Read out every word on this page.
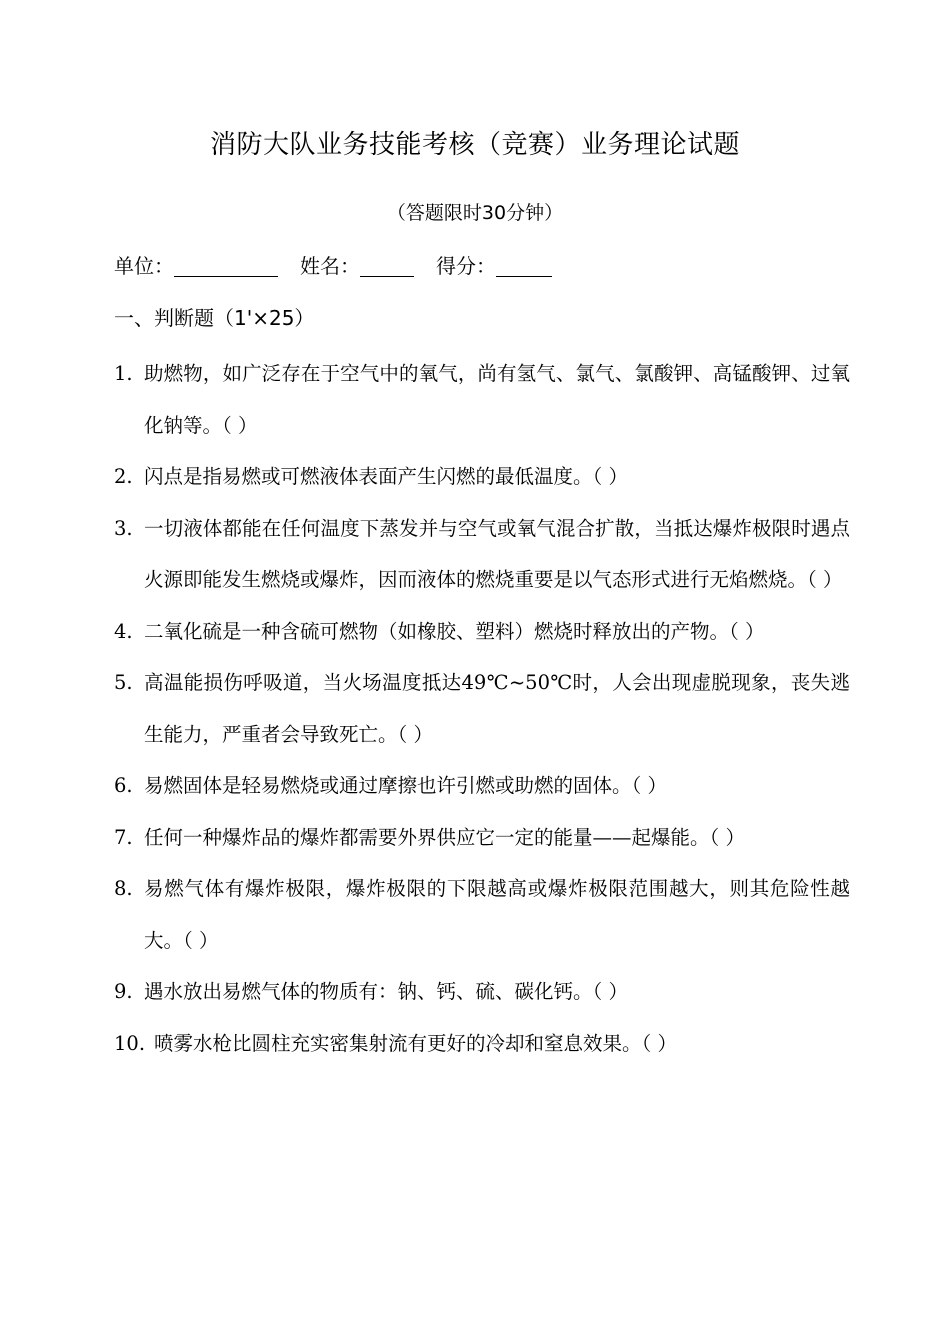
消防大队业务技能考核（竞赛）业务理论试题
（答题限时30分钟）
单位：	姓名：	得分：
一、判断题（1'×25）
1. 助燃物，如广泛存在于空气中的氧气，尚有氢气、氯气、氯酸钾、高锰酸钾、过氧化钠等。（ ）
2. 闪点是指易燃或可燃液体表面产生闪燃的最低温度。（ ）
3. 一切液体都能在任何温度下蒸发并与空气或氧气混合扩散，当抵达爆炸极限时遇点火源即能发生燃烧或爆炸，因而液体的燃烧重要是以气态形式进行无焰燃烧。（ ）
4. 二氧化硫是一种含硫可燃物（如橡胶、塑料）燃烧时释放出的产物。（ ）
5. 高温能损伤呼吸道，当火场温度抵达49℃~50℃时，人会出现虚脱现象，丧失逃生能力，严重者会导致死亡。（ ）
6. 易燃固体是轻易燃烧或通过摩擦也许引燃或助燃的固体。（ ）
7. 任何一种爆炸品的爆炸都需要外界供应它一定的能量——起爆能。（ ）
8. 易燃气体有爆炸极限，爆炸极限的下限越高或爆炸极限范围越大，则其危险性越大。（ ）
9. 遇水放出易燃气体的物质有：钠、钙、硫、碳化钙。（ ）
10. 喷雾水枪比圆柱充实密集射流有更好的冷却和窒息效果。（ ）
